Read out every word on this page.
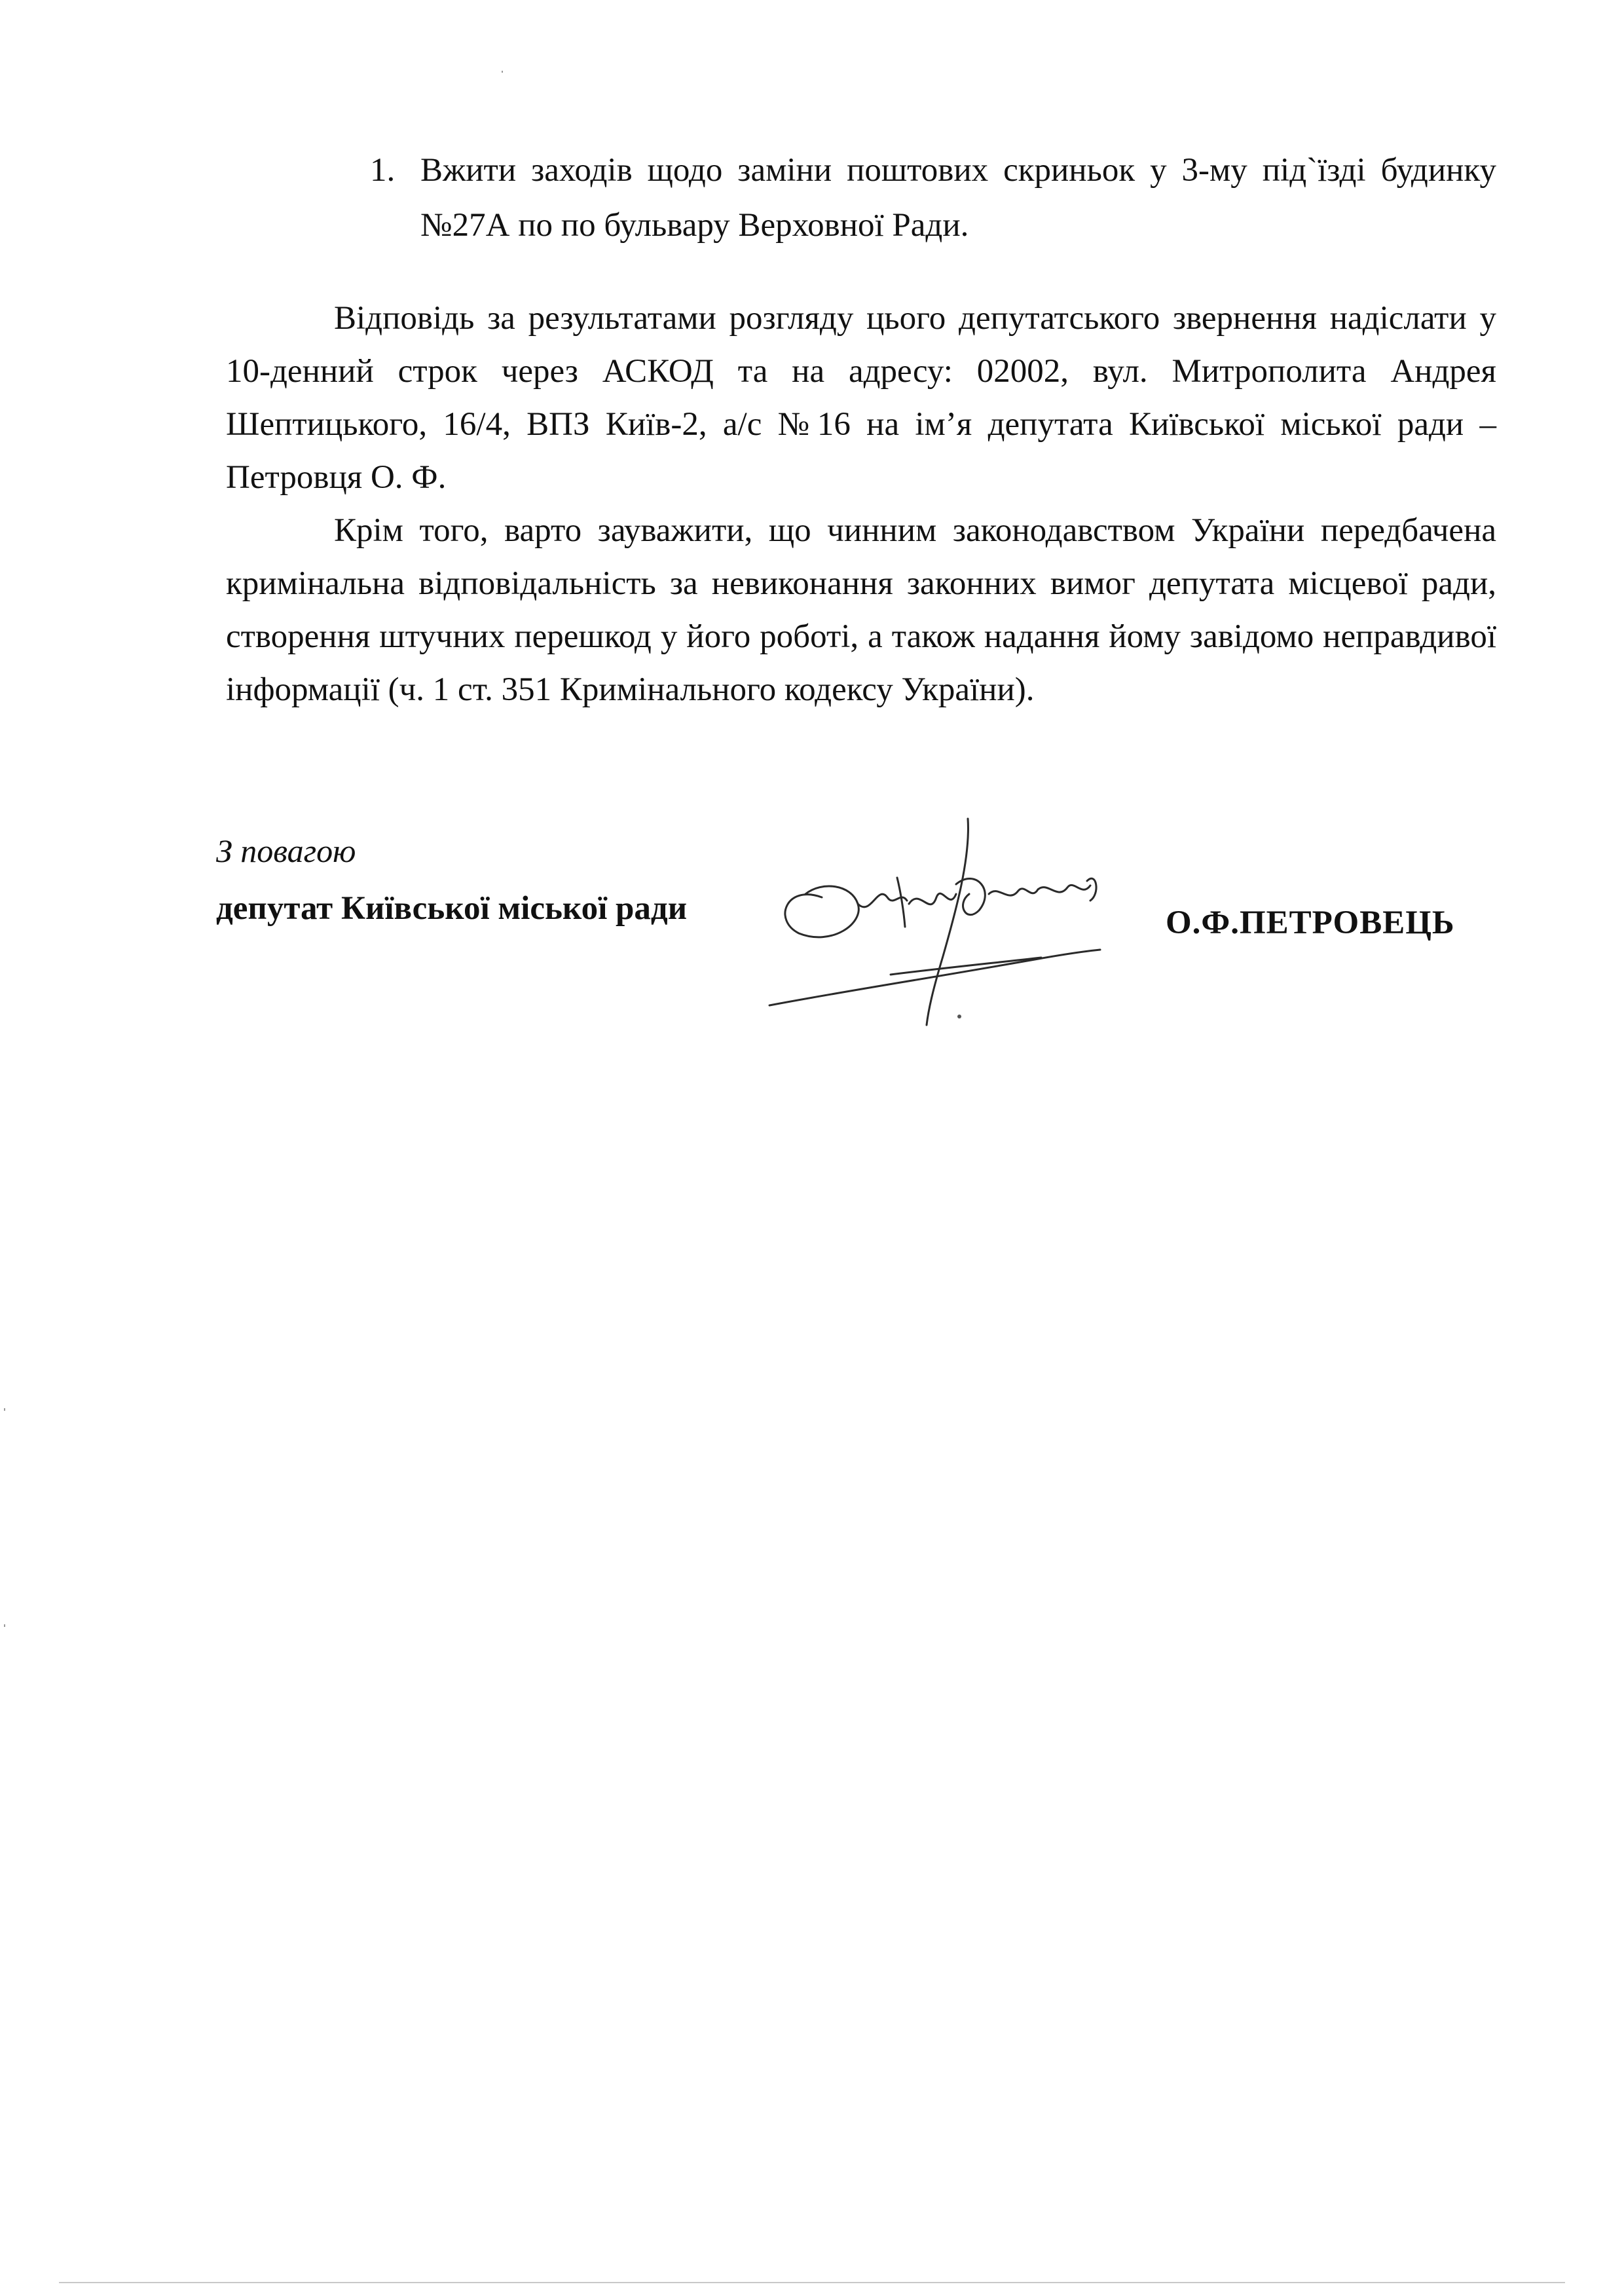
1. Вжити заходів щодо заміни поштових скриньок у 3-му під`їзді будинку №27А по по бульвару Верховної Ради.

Відповідь за результатами розгляду цього депутатського звернення надіслати у 10-денний строк через АСКОД та на адресу: 02002, вул. Митрополита Андрея Шептицького, 16/4, ВПЗ Київ-2, а/с №16 на ім’я депутата Київської міської ради – Петровця О. Ф.

Крім того, варто зауважити, що чинним законодавством України передбачена кримінальна відповідальність за невиконання законних вимог депутата місцевої ради, створення штучних перешкод у його роботі, а також надання йому завідомо неправдивої інформації (ч. 1 ст. 351 Кримінального кодексу України).

З повагою
депутат Київської міської ради	О.Ф.ПЕТРОВЕЦЬ
